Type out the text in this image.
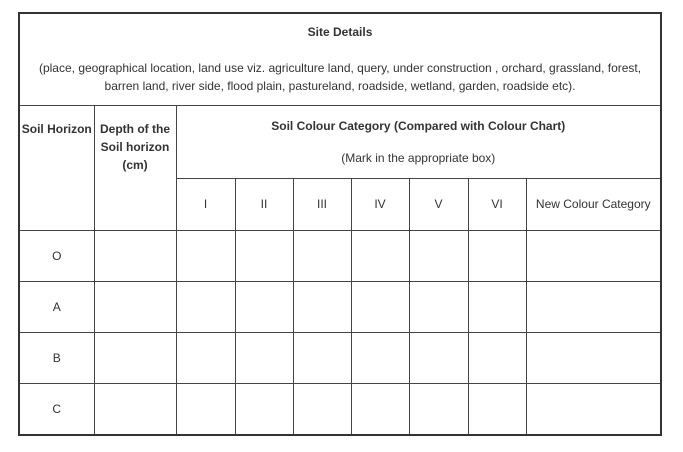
Site Details
(place, geographical location, land use viz. agriculture land, query, under construction , orchard, grassland, forest, barren land, river side, flood plain, pastureland, roadside, wetland, garden, roadside etc).								

Soil Horizon	Depth of the Soil horizon (cm)	Soil Colour Category (Compared with Colour Chart)
(Mark in the appropriate box)						
		I	II	III	IV	V	VI	New Colour Category
O								
A								
B								
C								
